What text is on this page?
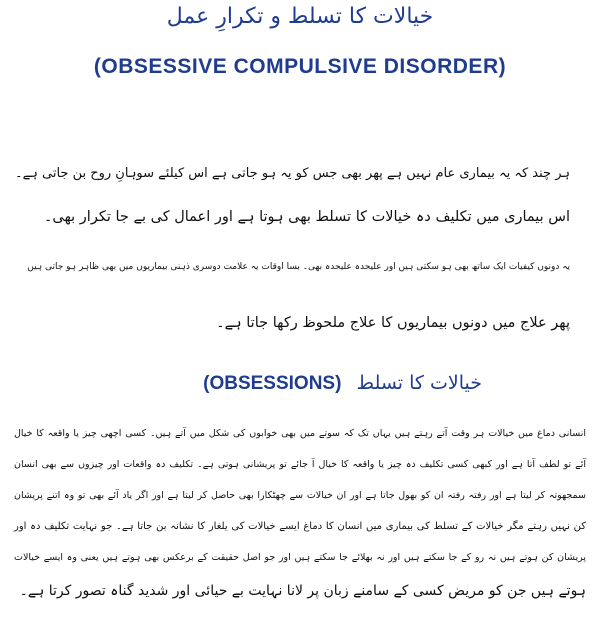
خیالات کا تسلط و تکرارِ عمل
(OBSESSIVE COMPULSIVE DISORDER)
ہر چند کہ یہ بیماری عام نہیں ہے پھر بھی جس کو یہ ہو جاتی ہے اس کیلئے سوہانِ روح بن جاتی ہے۔
اس بیماری میں تکلیف دہ خیالات کا تسلط بھی ہوتا ہے اور اعمال کی بے جا تکرار بھی۔
یہ دونوں کیفیات ایک ساتھ بھی ہو سکتی ہیں اور علیحدہ علیحدہ بھی۔ بسا اوقات یہ علامت دوسری ذہنی بیماریوں میں بھی ظاہر ہو جاتی ہیں
پھر علاج میں دونوں بیماریوں کا علاج ملحوظ رکھا جاتا ہے۔
خیالات کا تسلط (OBSESSIONS)
انسانی دماغ میں خیالات ہر وقت آتے رہتے ہیں یہاں تک کہ سوتے میں بھی خوابوں کی شکل میں آتے ہیں۔ کسی اچھی چیز یا واقعہ کا خیال
آئے تو لطف آتا ہے اور کبھی کسی تکلیف دہ چیز یا واقعہ کا خیال آ جائے تو پریشانی ہوتی ہے۔ تکلیف دہ واقعات اور چیزوں سے بھی انسان
سمجھوتہ کر لیتا ہے اور رفتہ رفتہ ان کو بھول جاتا ہے اور ان خیالات سے چھٹکارا بھی حاصل کر لیتا ہے اور اگر یاد آئے بھی تو وہ اتنے پریشان
کن نہیں رہتے مگر خیالات کے تسلط کی بیماری میں انسان کا دماغ ایسے خیالات کی یلغار کا نشانہ بن جاتا ہے۔ جو نہایت تکلیف دہ اور
پریشان کن ہوتے ہیں نہ رو کے جا سکتے ہیں اور نہ بھلائے جا سکتے ہیں اور جو اصل حقیقت کے برعکس بھی ہوتے ہیں یعنی وہ ایسے خیالات
ہوتے ہیں جن کو مریض کسی کے سامنے زبان پر لانا نہایت بے حیائی اور شدید گناہ تصور کرتا ہے۔
